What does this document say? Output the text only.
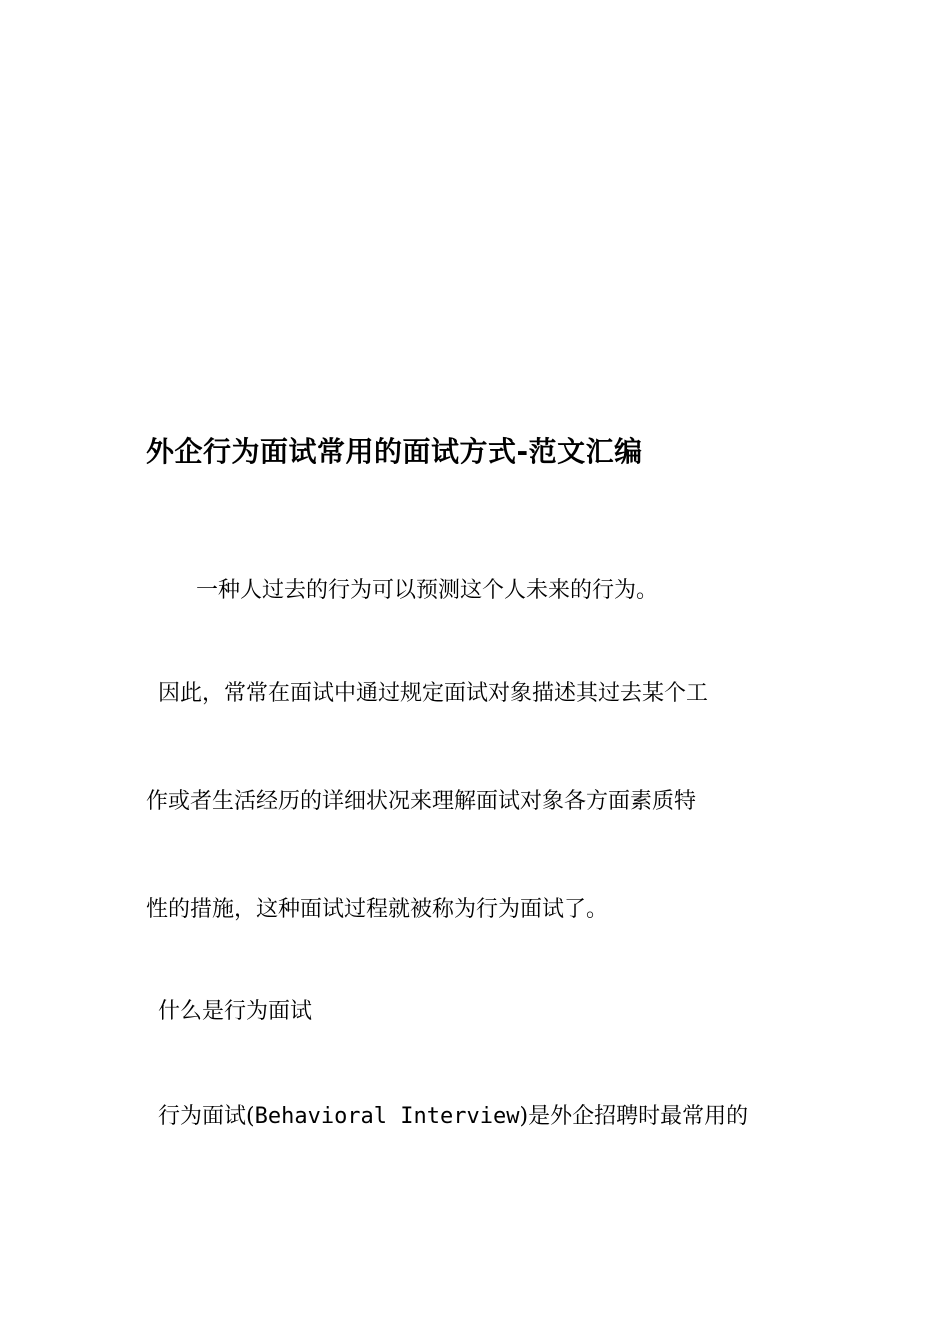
外企行为面试常用的面试方式-范文汇编
一种人过去的行为可以预测这个人未来的行为。
因此，常常在面试中通过规定面试对象描述其过去某个工
作或者生活经历的详细状况来理解面试对象各方面素质特
性的措施，这种面试过程就被称为行为面试了。
什么是行为面试
行为面试(Behavioral Interview)是外企招聘时最常用的
